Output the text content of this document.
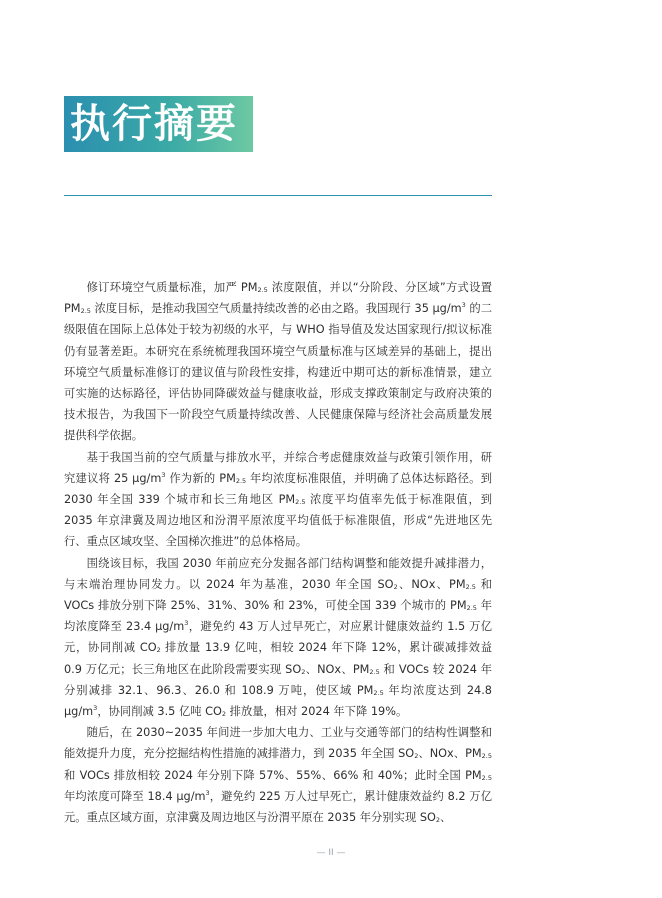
执行摘要

修订环境空气质量标准，加严 $PM_{2.5}$ 浓度限值，并以“分阶段、分区域”方式设置 $PM_{2.5}$ 浓度目标，是推动我国空气质量持续改善的必由之路。我国现行 35 $\mu g/m^3$ 的二级限值在国际上总体处于较为初级的水平，与 WHO 指导值及发达国家现行/拟议标准仍有显著差距。本研究在系统梳理我国环境空气质量标准与区域差异的基础上，提出环境空气质量标准修订的建议值与阶段性安排，构建近中期可达的新标准情景，建立可实施的达标路径，评估协同降碳效益与健康收益，形成支撑政策制定与政府决策的技术报告，为我国下一阶段空气质量持续改善、人民健康保障与经济社会高质量发展提供科学依据。

基于我国当前的空气质量与排放水平，并综合考虑健康效益与政策引领作用，研究建议将 25 $\mu g/m^3$ 作为新的 $PM_{2.5}$ 年均浓度标准限值，并明确了总体达标路径。到 2030 年全国 339 个城市和长三角地区 $PM_{2.5}$ 浓度平均值率先低于标准限值，到 2035 年京津冀及周边地区和汾渭平原浓度平均值低于标准限值，形成“先进地区先行、重点区域攻坚、全国梯次推进”的总体格局。

围绕该目标，我国 2030 年前应充分发掘各部门结构调整和能效提升减排潜力，与末端治理协同发力。以 2024 年为基准，2030 年全国 $SO_2$、NOx、$PM_{2.5}$ 和 VOCs 排放分别下降 25%、31%、30% 和 23%，可使全国 339 个城市的 $PM_{2.5}$ 年均浓度降至 23.4 $\mu g/m^3$，避免约 43 万人过早死亡，对应累计健康效益约 1.5 万亿元，协同削减 $CO_2$ 排放量 13.9 亿吨，相较 2024 年下降 12%，累计碳减排效益 0.9 万亿元；长三角地区在此阶段需要实现 $SO_2$、NOx、$PM_{2.5}$ 和 VOCs 较 2024 年分别减排 32.1、96.3、26.0 和 108.9 万吨，使区域 $PM_{2.5}$ 年均浓度达到 24.8 $\mu g/m^3$，协同削减 3.5 亿吨 $CO_2$ 排放量，相对 2024 年下降 19%。

随后，在 2030~2035 年间进一步加大电力、工业与交通等部门的结构性调整和能效提升力度，充分挖掘结构性措施的减排潜力，到 2035 年全国 $SO_2$、NOx、$PM_{2.5}$ 和 VOCs 排放相较 2024 年分别下降 57%、55%、66% 和 40%；此时全国 $PM_{2.5}$ 年均浓度可降至 18.4 $\mu g/m^3$，避免约 225 万人过早死亡，累计健康效益约 8.2 万亿元。重点区域方面，京津冀及周边地区与汾渭平原在 2035 年分别实现 $SO_2$、

— II —
